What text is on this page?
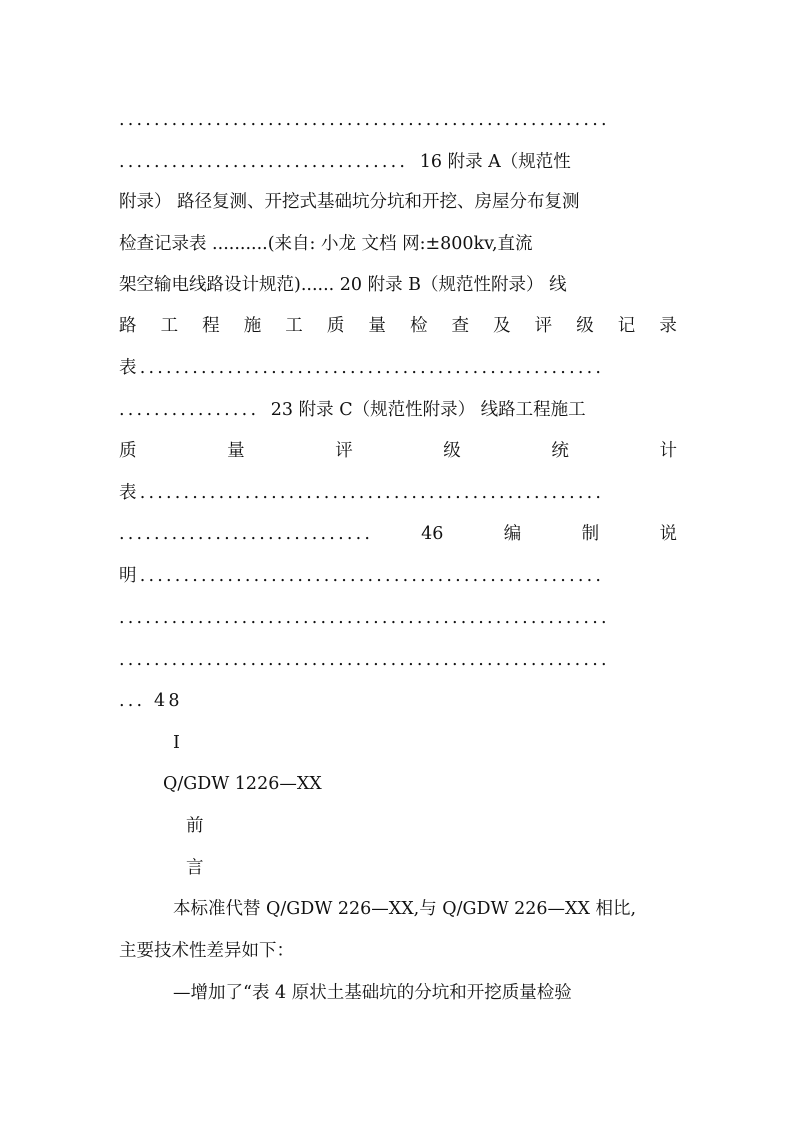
........................................................
................................. 16 附录 A（规范性
附录） 路径复测、开挖式基础坑分坑和开挖、房屋分布复测
检查记录表 ..........(来自: 小龙 文档 网:±800kv,直流
架空输电线路设计规范)...... 20 附录 B（规范性附录） 线
路 工 程 施 工 质 量 检 查 及 评 级 记 录
表.....................................................
................ 23 附录 C（规范性附录） 线路工程施工
质	量	评	级	统	计
表.....................................................
.............................	46	编	制	说
明.....................................................
........................................................
........................................................
... 48
I
Q/GDW 1226—XX
前
言
本标准代替 Q/GDW 226—XX,与 Q/GDW 226—XX 相比,
主要技术性差异如下：
—增加了“表 4 原状土基础坑的分坑和开挖质量检验
